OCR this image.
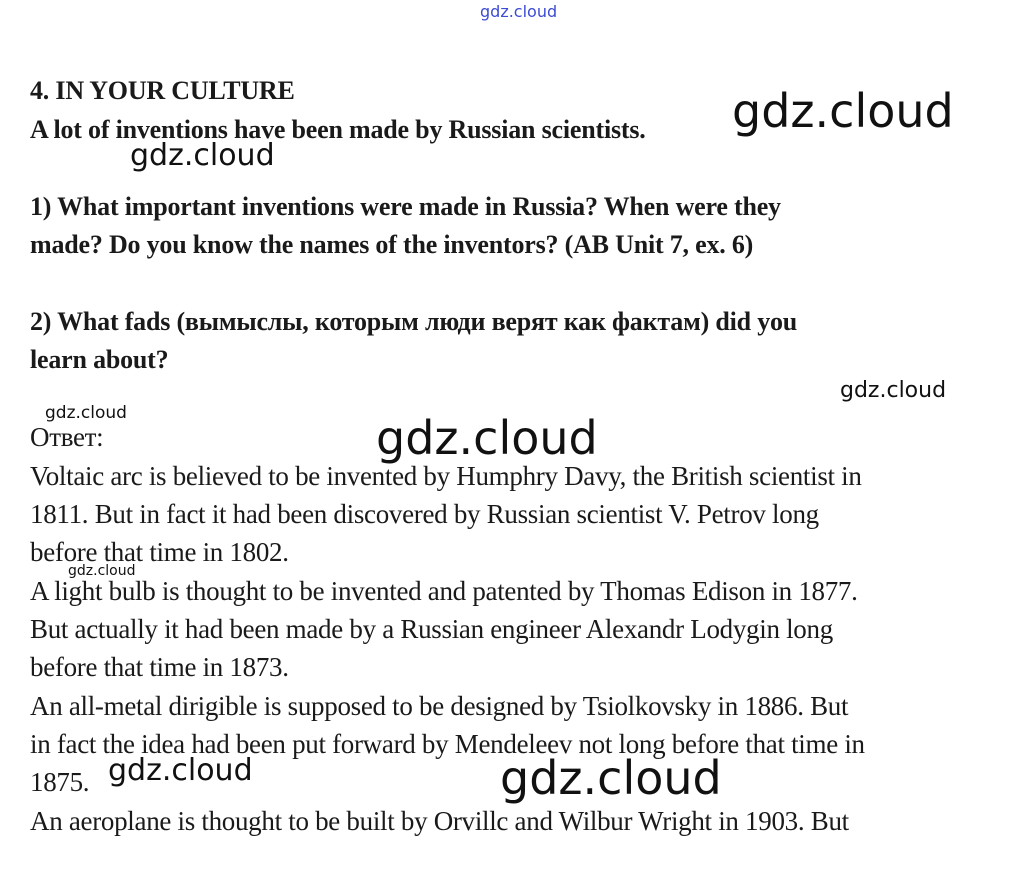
4. IN YOUR CULTURE
A lot of inventions have been made by Russian scientists.
1) What important inventions were made in Russia? When were they
made? Do you know the names of the inventors? (AB Unit 7, ex. 6)
2) What fads (вымыслы, которым люди верят как фактам) did you
learn about?
Ответ:
Voltaic arc is believed to be invented by Humphry Davy, the British scientist in
1811. But in fact it had been discovered by Russian scientist V. Petrov long
before that time in 1802.
A light bulb is thought to be invented and patented by Thomas Edison in 1877.
But actually it had been made by a Russian engineer Alexandr Lodygin long
before that time in 1873.
An all-metal dirigible is supposed to be designed by Tsiolkovsky in 1886. But
in fact the idea had been put forward by Mendeleev not long before that time in
1875.
An aeroplane is thought to be built by Orvillc and Wilbur Wright in 1903. But
gdz.cloud
gdz.cloud
gdz.cloud
gdz.cloud
gdz.cloud	gdz.cloud
gdz.cloud
gdz.cloud	gdz.cloud
